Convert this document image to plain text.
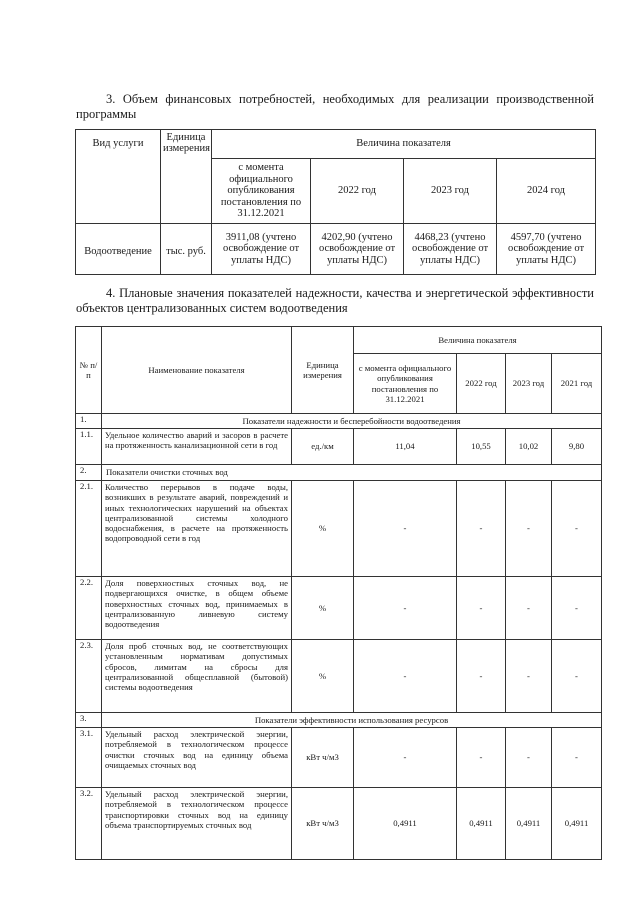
3. Объем финансовых потребностей, необходимых для реализации производственной программы
Вид услуги	Единица измерения	Величина показателя			
		с момента официального опубликования постановления по 31.12.2021	2022 год	2023 год	2024 год
Водоотведение	тыс. руб.	3911,08 (учтено освобождение от уплаты НДС)	4202,90 (учтено освобождение от уплаты НДС)	4468,23 (учтено освобождение от уплаты НДС)	4597,70 (учтено освобождение от уплаты НДС)
4. Плановые значения показателей надежности, качества и энергетической эффективности объектов централизованных систем водоотведения
№ п/п	Наименование показателя	Единица измерения	Величина показателя			
			с момента официального опубликования постановления по 31.12.2021	2022 год	2023 год	2021 год
1.	Показатели надежности и бесперебойности водоотведения					
1.1.	Удельное количество аварий и засоров в расчете на протяженность канализационной сети в год	ед./км	11,04	10,55	10,02	9,80
2.	Показатели очистки сточных вод					
2.1.	Количество перерывов в подаче воды, возникших в результате аварий, повреждений и иных технологических нарушений на объектах централизованной системы холодного водоснабжения, в расчете на протяженность водопроводной сети в год	%	-	-	-	-
2.2.	Доля поверхностных сточных вод, не подвергающихся очистке, в общем объеме поверхностных сточных вод, принимаемых в централизованную ливневую систему водоотведения	%	-	-	-	-
2.3.	Доля проб сточных вод, не соответствующих установленным нормативам допустимых сбросов, лимитам на сбросы для централизованной общесплавной (бытовой) системы водоотведения	%	-	-	-	-
3.	Показатели эффективности использования ресурсов					
3.1.	Удельный расход электрической энергии, потребляемой в технологическом процессе очистки сточных вод на единицу объема очищаемых сточных вод	кВт ч/м3	-	-	-	-
3.2.	Удельный расход электрической энергии, потребляемой в технологическом процессе транспортировки сточных вод на единицу объема транспортируемых сточных вод	кВт ч/м3	0,4911	0,4911	0,4911	0,4911
